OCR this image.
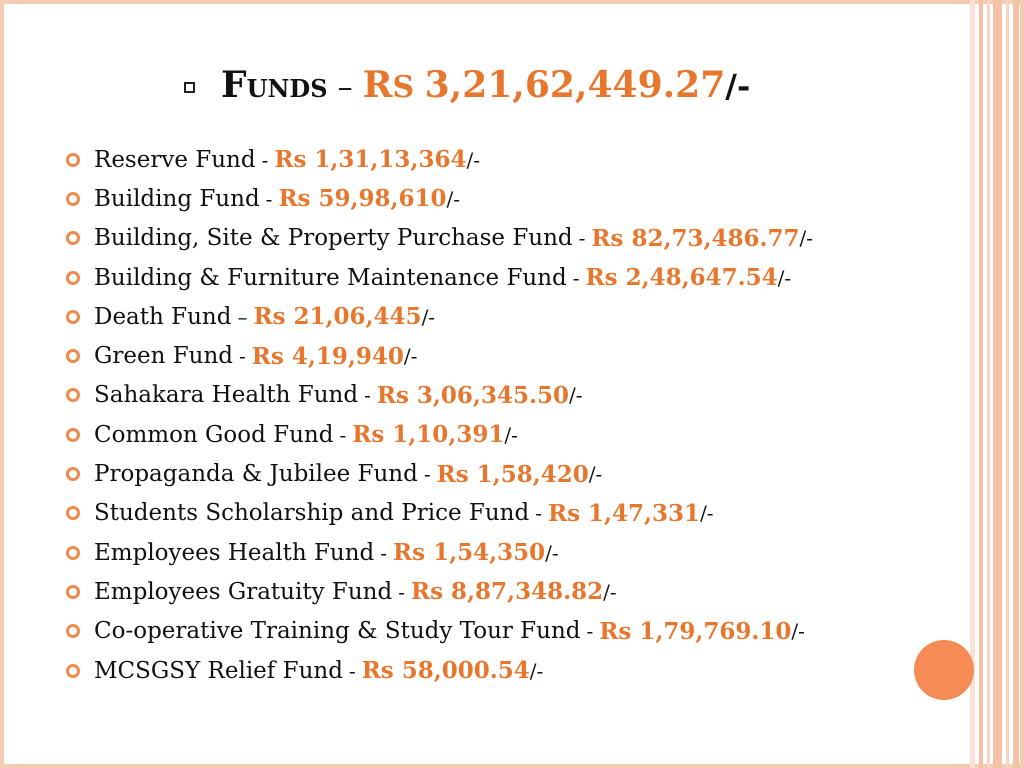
F UNDS – RS 3,21,62,449.27 /-
Reserve Fund - Rs 1,31,13,364 /-
Building Fund - Rs 59,98,610 /-
Building, Site & Property Purchase Fund - Rs 82,73,486.77 /-
Building & Furniture Maintenance Fund - Rs 2,48,647.54 /-
Death Fund – Rs 21,06,445 /-
Green Fund - Rs 4,19,940 /-
Sahakara Health Fund - Rs 3,06,345.50 /-
Common Good Fund - Rs 1,10,391 /-
Propaganda & Jubilee Fund - Rs 1,58,420 /-
Students Scholarship and Price Fund - Rs 1,47,331 /-
Employees Health Fund - Rs 1,54,350 /-
Employees Gratuity Fund - Rs 8,87,348.82 /-
Co-operative Training & Study Tour Fund - Rs 1,79,769.10 /-
MCSGSY Relief Fund - Rs 58,000.54 /-
